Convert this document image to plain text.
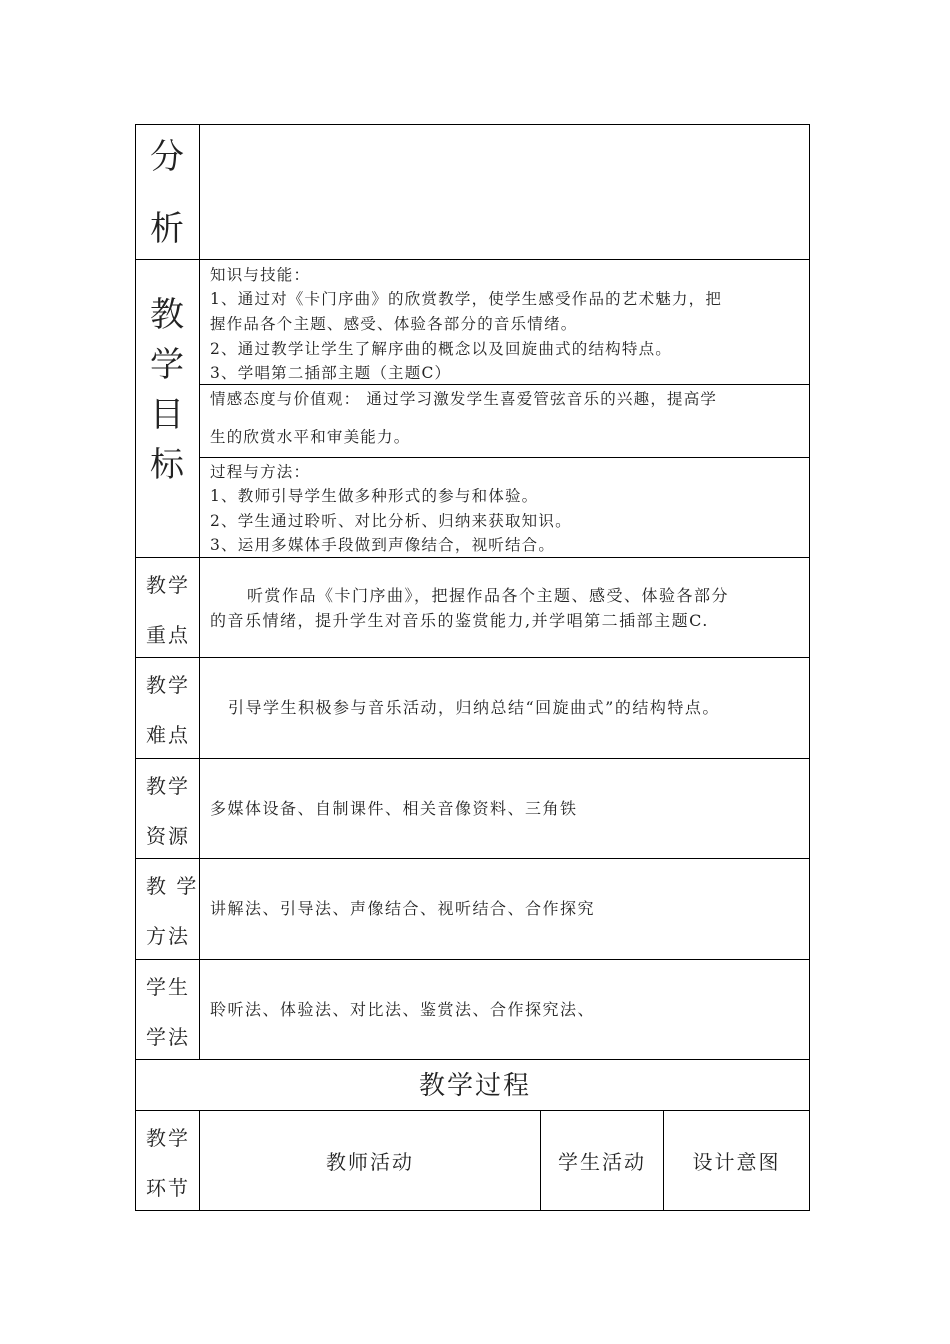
分
析
教
学
目
标
知识与技能：
1、通过对《卡门序曲》的欣赏教学，使学生感受作品的艺术魅力，把
握作品各个主题、感受、体验各部分的音乐情绪。
2、通过教学让学生了解序曲的概念以及回旋曲式的结构特点。
3、学唱第二插部主题（主题C）
情感态度与价值观： 通过学习激发学生喜爱管弦音乐的兴趣，提高学
生的欣赏水平和审美能力。
过程与方法：
1、教师引导学生做多种形式的参与和体验。
2、学生通过聆听、对比分析、归纳来获取知识。
3、运用多媒体手段做到声像结合，视听结合。
教学
重点
听赏作品《卡门序曲》，把握作品各个主题、感受、体验各部分
的音乐情绪，提升学生对音乐的鉴赏能力,并学唱第二插部主题C.
教学
难点
引导学生积极参与音乐活动，归纳总结“回旋曲式”的结构特点。
教学
资源
多媒体设备、自制课件、相关音像资料、三角铁
教 学
方法
讲解法、引导法、声像结合、视听结合、合作探究
学生
学法
聆听法、体验法、对比法、鉴赏法、合作探究法、
教学过程
教学
环节
教师活动	学生活动	设计意图
